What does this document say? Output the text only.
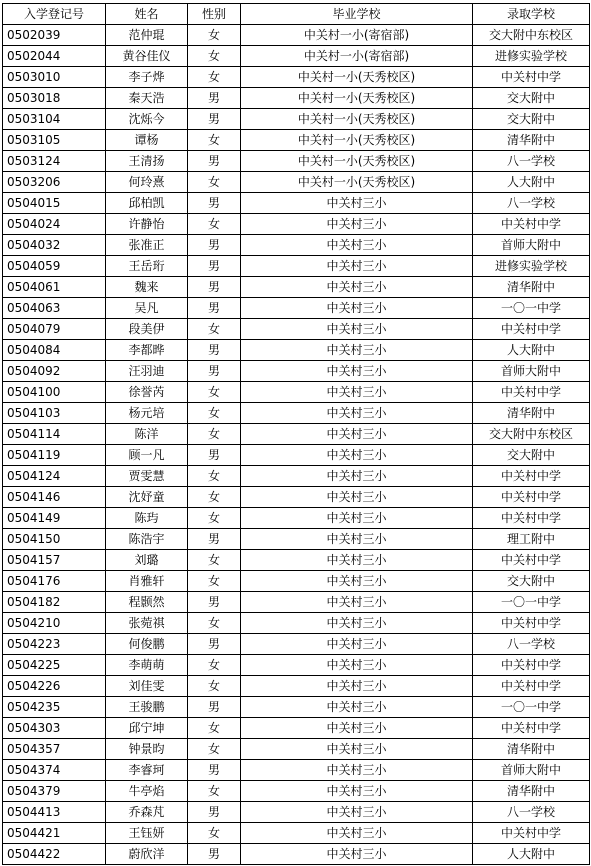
入学登记号	姓名	性别	毕业学校	录取学校
0502039	范仲琨	女	中关村一小(寄宿部)	交大附中东校区
0502044	黄谷佳仪	女	中关村一小(寄宿部)	进修实验学校
0503010	李子烨	女	中关村一小(天秀校区)	中关村中学
0503018	秦天浩	男	中关村一小(天秀校区)	交大附中
0503104	沈烁今	男	中关村一小(天秀校区)	交大附中
0503105	谭杨	女	中关村一小(天秀校区)	清华附中
0503124	王清扬	男	中关村一小(天秀校区)	八一学校
0503206	何玲熹	女	中关村一小(天秀校区)	人大附中
0504015	邱柏凯	男	中关村三小	八一学校
0504024	许静怡	女	中关村三小	中关村中学
0504032	张准正	男	中关村三小	首师大附中
0504059	王岳珩	男	中关村三小	进修实验学校
0504061	魏来	男	中关村三小	清华附中
0504063	吴凡	男	中关村三小	一〇一中学
0504079	段美伊	女	中关村三小	中关村中学
0504084	李都晔	男	中关村三小	人大附中
0504092	汪羽迪	男	中关村三小	首师大附中
0504100	徐誉芮	女	中关村三小	中关村中学
0504103	杨元培	女	中关村三小	清华附中
0504114	陈洋	女	中关村三小	交大附中东校区
0504119	顾一凡	男	中关村三小	交大附中
0504124	贾雯慧	女	中关村三小	中关村中学
0504146	沈妤童	女	中关村三小	中关村中学
0504149	陈玙	女	中关村三小	中关村中学
0504150	陈浩宇	男	中关村三小	理工附中
0504157	刘璐	女	中关村三小	中关村中学
0504176	肖雅轩	女	中关村三小	交大附中
0504182	程颢然	男	中关村三小	一〇一中学
0504210	张菀祺	女	中关村三小	中关村中学
0504223	何俊鹏	男	中关村三小	八一学校
0504225	李萌萌	女	中关村三小	中关村中学
0504226	刘佳雯	女	中关村三小	中关村中学
0504235	王骏鹏	男	中关村三小	一〇一中学
0504303	邱宁坤	女	中关村三小	中关村中学
0504357	钟景昀	女	中关村三小	清华附中
0504374	李睿珂	男	中关村三小	首师大附中
0504379	牛亭焰	女	中关村三小	清华附中
0504413	乔森芃	男	中关村三小	八一学校
0504421	王钰妍	女	中关村三小	中关村中学
0504422	蔚欣洋	男	中关村三小	人大附中
